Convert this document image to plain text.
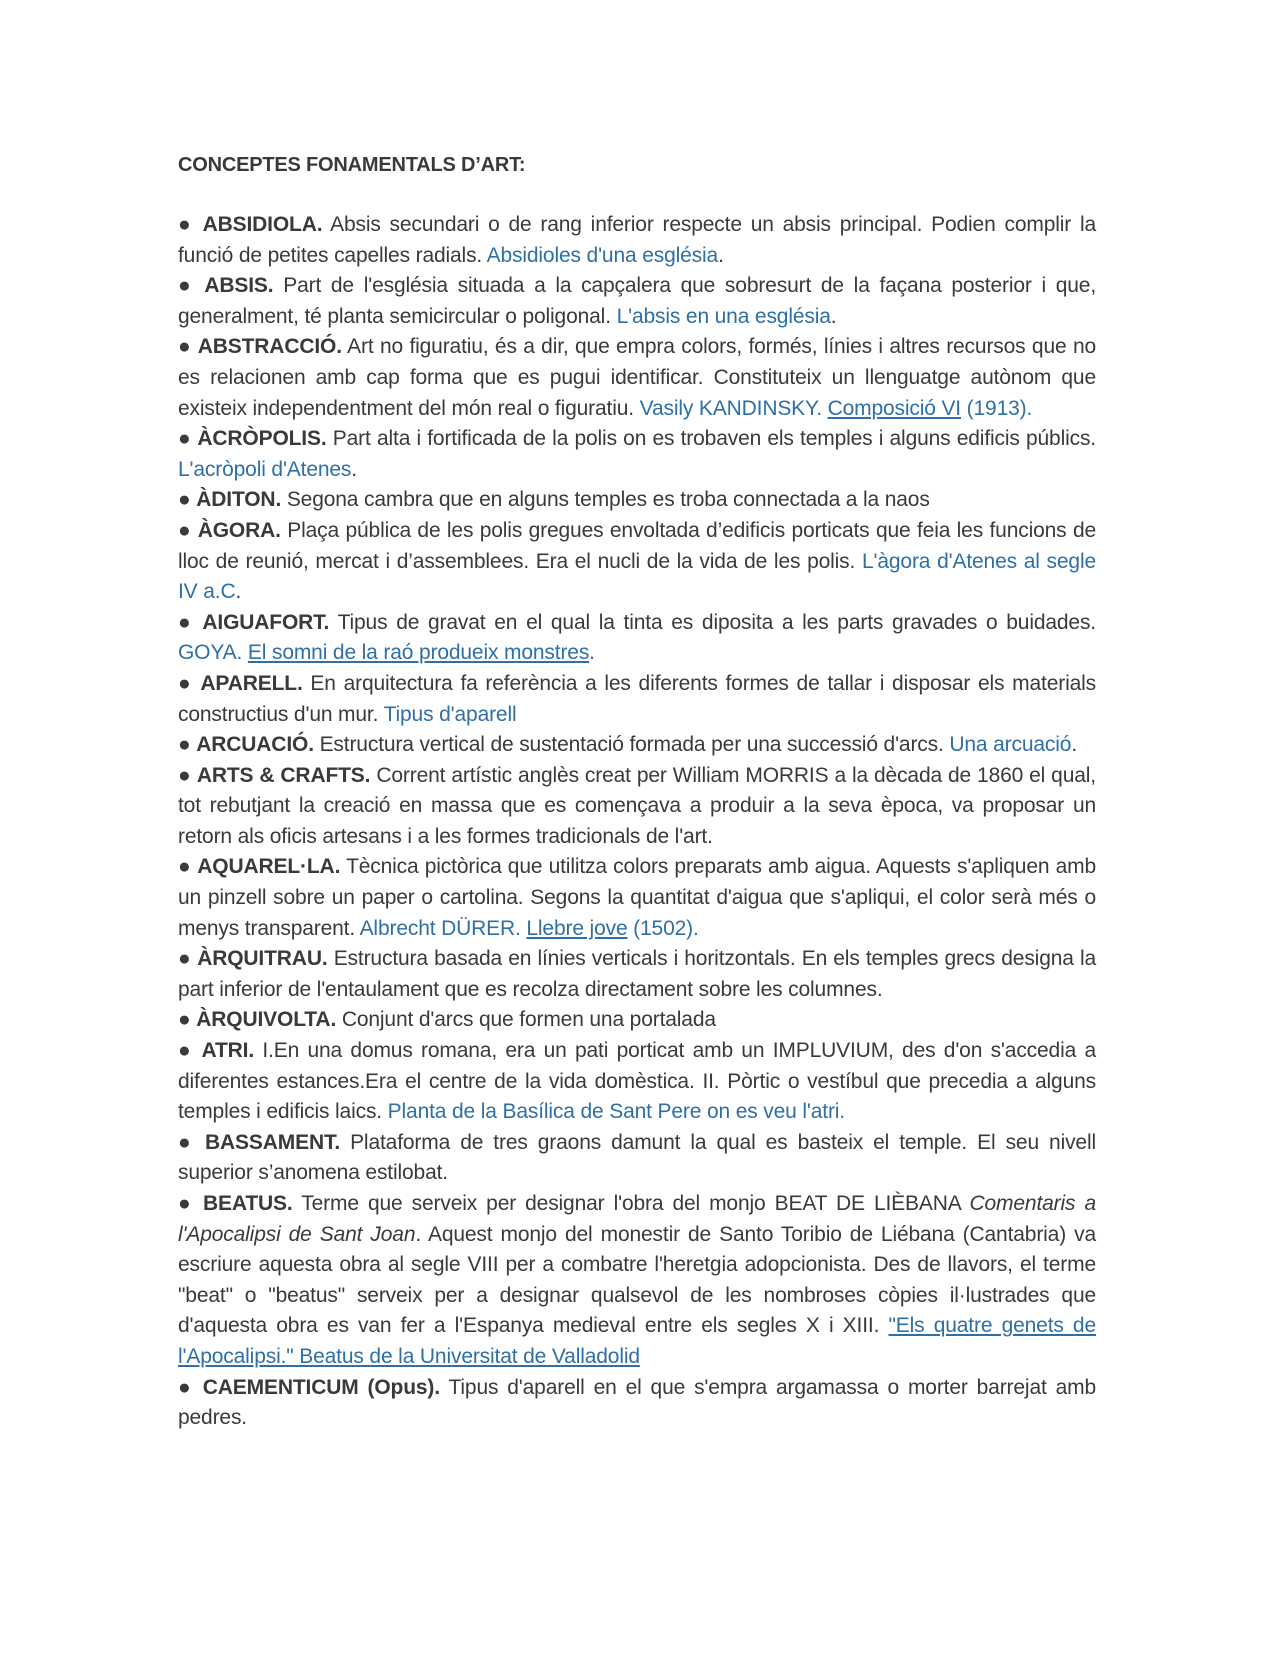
CONCEPTES FONAMENTALS D’ART:

● ABSIDIOLA. Absis secundari o de rang inferior respecte un absis principal. Podien complir la funció de petites capelles radials. Absidioles d'una església.

● ABSIS. Part de l'església situada a la capçalera que sobresurt de la façana posterior i que, generalment, té planta semicircular o poligonal. L'absis en una església.

● ABSTRACCIÓ. Art no figuratiu, és a dir, que empra colors, formés, línies i altres recursos que no es relacionen amb cap forma que es pugui identificar. Constituteix un llenguatge autònom que existeix independentment del món real o figuratiu. Vasily KANDINSKY. Composició VI (1913).

● ÀCRÒPOLIS. Part alta i fortificada de la polis on es trobaven els temples i alguns edificis públics. L'acròpoli d'Atenes.

● ÀDITON. Segona cambra que en alguns temples es troba connectada a la naos

● ÀGORA. Plaça pública de les polis gregues envoltada d’edificis porticats que feia les funcions de lloc de reunió, mercat i d’assemblees. Era el nucli de la vida de les polis. L'àgora d'Atenes al segle IV a.C.

● AIGUAFORT. Tipus de gravat en el qual la tinta es diposita a les parts gravades o buidades. GOYA. El somni de la raó produeix monstres.

● APARELL. En arquitectura fa referència a les diferents formes de tallar i disposar els materials constructius d'un mur. Tipus d'aparell

● ARCUACIÓ. Estructura vertical de sustentació formada per una successió d'arcs. Una arcuació.

● ARTS & CRAFTS. Corrent artístic anglès creat per William MORRIS a la dècada de 1860 el qual, tot rebutjant la creació en massa que es començava a produir a la seva època, va proposar un retorn als oficis artesans i a les formes tradicionals de l'art.

● AQUAREL·LA. Tècnica pictòrica que utilitza colors preparats amb aigua. Aquests s'apliquen amb un pinzell sobre un paper o cartolina. Segons la quantitat d'aigua que s'apliqui, el color serà més o menys transparent. Albrecht DÜRER. Llebre jove (1502).

● ÀRQUITRAU. Estructura basada en línies verticals i horitzontals. En els temples grecs designa la part inferior de l'entaulament que es recolza directament sobre les columnes.

● ÀRQUIVOLTA. Conjunt d'arcs que formen una portalada

● ATRI. I.En una domus romana, era un pati porticat amb un IMPLUVIUM, des d'on s'accedia a diferentes estances.Era el centre de la vida domèstica. II. Pòrtic o vestíbul que precedia a alguns temples i edificis laics. Planta de la Basílica de Sant Pere on es veu l'atri.

● BASSAMENT. Plataforma de tres graons damunt la qual es basteix el temple. El seu nivell superior s’anomena estilobat.

● BEATUS. Terme que serveix per designar l'obra del monjo BEAT DE LIÈBANA Comentaris a l'Apocalipsi de Sant Joan. Aquest monjo del monestir de Santo Toribio de Liébana (Cantabria) va escriure aquesta obra al segle VIII per a combatre l'heretgia adopcionista. Des de llavors, el terme "beat" o "beatus" serveix per a designar qualsevol de les nombroses còpies il·lustrades que d'aquesta obra es van fer a l'Espanya medieval entre els segles X i XIII. "Els quatre genets de l'Apocalipsi." Beatus de la Universitat de Valladolid

● CAEMENTICUM (Opus). Tipus d'aparell en el que s'empra argamassa o morter barrejat amb pedres.
